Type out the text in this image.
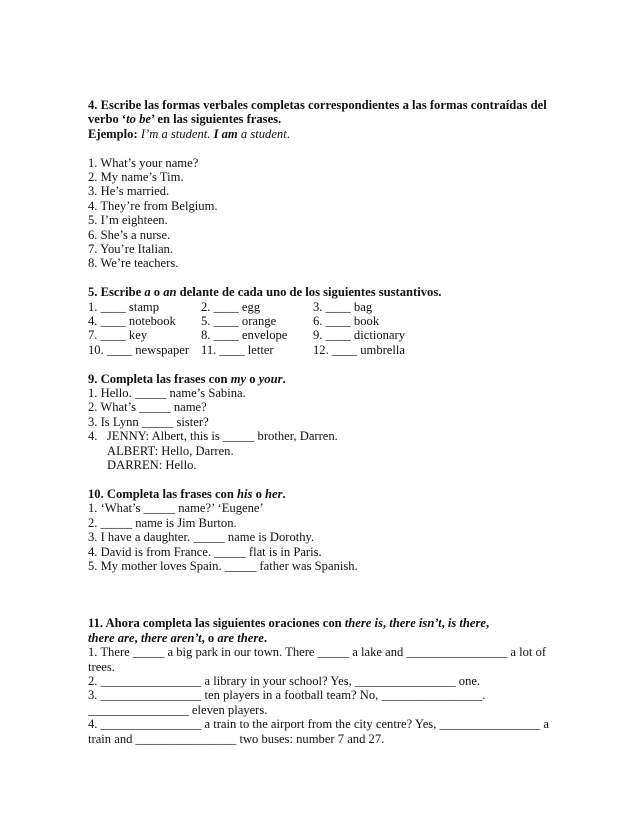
4. Escribe las formas verbales completas correspondientes a las formas contraídas del
verbo ‘to be’ en las siguientes frases.
Ejemplo: I’m a student. I am a student.
1. What’s your name?
2. My name’s Tim.
3. He’s married.
4. They’re from Belgium.
5. I’m eighteen.
6. She’s a nurse.
7. You’re Italian.
8. We’re teachers.
5. Escribe a o an delante de cada uno de los siguientes sustantivos.
1. ____ stamp	2. ____ egg	3. ____ bag
4. ____ notebook	5. ____ orange	6. ____ book
7. ____ key	8. ____ envelope	9. ____ dictionary
10. ____ newspaper 11. ____ letter	12. ____ umbrella
9. Completa las frases con my o your.
1. Hello. _____ name’s Sabina.
2. What’s _____ name?
3. Is Lynn _____ sister?
4.   JENNY: Albert, this is _____ brother, Darren.
ALBERT: Hello, Darren.
DARREN: Hello.
10. Completa las frases con his o her.
1. ‘What’s _____ name?’ ‘Eugene’
2. _____ name is Jim Burton.
3. I have a daughter. _____ name is Dorothy.
4. David is from France. _____ flat is in Paris.
5. My mother loves Spain. _____ father was Spanish.
11. Ahora completa las siguientes oraciones con there is, there isn’t, is there,
there are, there aren’t, o are there.
1. There _____ a big park in our town. There _____ a lake and ________________ a lot of
trees.
2. ________________ a library in your school? Yes, ________________ one.
3. ________________ ten players in a football team? No, ________________.
________________ eleven players.
4. ________________ a train to the airport from the city centre? Yes, ________________ a
train and ________________ two buses: number 7 and 27.
